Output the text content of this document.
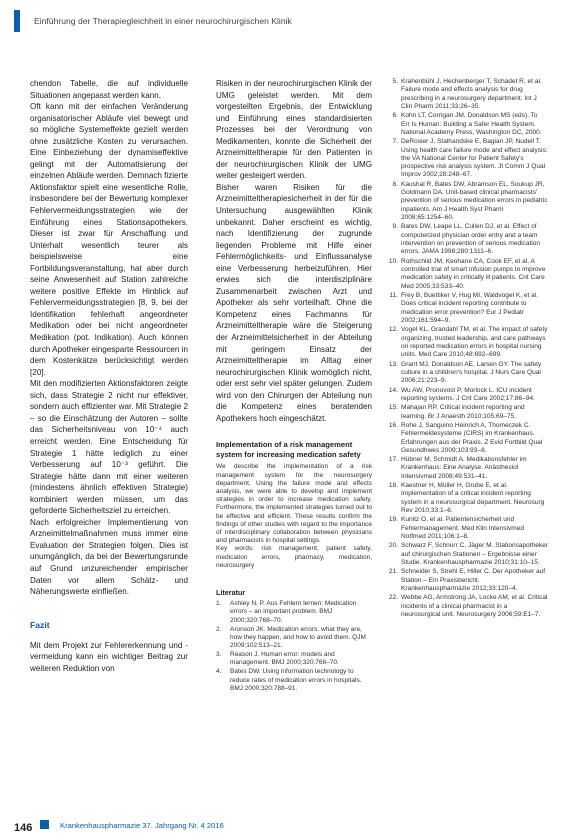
Einführung der Therapiegleichheit in einer neurochirurgischen Klinik

chendon Tabelle, die auf individuelle Situationen angepasst werden kann.

Oft kann mit der einfachen Veränderung organisatorischer Abläufe viel bewegt und so mögliche Systemeffekte gezielt werden ohne zusätzliche Kosten zu verursachen. Eine Einbeziehung der dynamiseffektive gelingt mit der Automatisierung der einzelnen Abläufe werden. Demnach fizierte Aktionsfaktor spielt eine wesentliche Rolle, insbesondere bei der Bewertung komplexer Fehlervermeidungsstrategien wie der Einführung eines Stationsapothekers. Dieser ist zwar für Anschaffung und Unterhalt wesentlich teurer als beispielsweise eine Fortbildungsveranstaltung, hat aber durch seine Anwesenheit auf Station zahlreiche weitere positive Effekte im Hinblick auf Fehlervermeidungsstrategien [8, 9, bei der Identifikation fehlerhaft angeordneter Medikation oder bei nicht angeordneter Medikation (pot. Indikation). Auch können durch Apotheker eingesparte Ressourcen in dem Kostenkätze berücksichtigt werden [20].

Mit den modifizierten Aktionsfaktoren zeigte sich, dass Strategie 2 nicht nur effektiver, sondern auch effizienter war. Mit Strategie 2 – so die Einschätzung der Autoren – sollte das Sicherheitsniveau von 10⁻⁴ auch erreicht werden. Eine Entscheidung für Strategie 1 hätte lediglich zu einer Verbesserung auf 10⁻³ geführt. Die Strategie hätte dann mit einer weiteren (mindestens ähnlich effektiven Strategie) kombiniert werden müssen, um das geforderte Sicherheitsziel zu erreichen.

Nach erfolgreicher Implementierung von Arzneimittelmaßnahmen muss immer eine Evaluation der Strategien folgen. Dies ist unumgänglich, da bei der Bewertungsrunde auf Grund unzureichender empirischer Daten vor allem Schätz- und Näherungswerte einfließen.

Fazit

Mit dem Projekt zur Fehlererkennung und -vermeidung kann ein wichtiger Beitrag zur weiteren Reduktion von

Risiken in der neurochirurgischen Klinik der UMG geleistet werden. Mit dem vorgestellten Ergebnis, der Entwicklung und Einführung eines standardisierten Prozesses bei der Verordnung von Medikamenten, konnte die Sicherheit der Arzneimitteltherapie für den Patienten in der neurochirurgischen Klinik der UMG weiter gesteigert werden.

Bisher waren Risiken für die Arzneimitteltherapiesicherheit in der für die Untersuchung ausgewählten Klinik unbekannt. Daher erscheint es wichtig, nach Identifizierung der zugrunde liegenden Probleme mit Hilfe einer Fehlermöglichkeits- und Einflussanalyse eine Verbesserung herbeizuführen. Hier erwies sich die interdisziplinäre Zusammenarbeit zwischen Arzt und Apotheker als sehr vorteilhaft. Ohne die Kompetenz eines Fachmanns für Arzneimitteltherapie wäre die Steigerung der Arzneimittelsicherheit in der Abteilung mit geringem Einsatz der Arzneimitteltherapie im Alltag einer neurochirurgischen Klinik womöglich nicht, oder erst sehr viel später gelungen. Zudem wird von den Chirurgen der Abteilung nun die Kompetenz eines beratenden Apothekers hoch eingeschätzt.

Implementation of a risk management system for increasing medication safety

We describe the implementation of a risk management system for the neurosurgery department. Using the failure mode and effects analysis, we were able to develop and implement strategies in order to increase medication safety. Furthermore, the implemented strategies turned out to be effective and efficient. These results confirm the findings of other studies with regard to the importance of interdisciplinary collaboration between physicians and pharmacists in hospital settings.

Key words: risk management, patient safety, medication errors, pharmacy, medication, neurosurgery

Literatur
1.	Ashley N. P. Aus Fehlern lernen: Medication errors – an important problem. BMJ 2000;320:768–70.
2.	Aronson JK. Medication errors: what they are, how they happen, and how to avoid them. QJM 2009;102:513–21.
3.	Reason J. Human error: models and management. BMJ 2000;320:768–70.
4.	Bates DW. Using information technology to reduce rates of medication errors in hospitals. BMJ 2000;320:788–91.
5. Krahenbühl J, Hechenberger T, Schadet R, et al. Failure mode and effects analysis for drug prescribing in a neurosurgery department. Int J Clin Pharm 2011;33:26–35.
6. Kohn LT, Corrigan JM, Donaldson MS (eds). To Err Is Human: Building a Safer Health System. National Academy Press, Washington DC, 2000.
7. DeRosier J, Stalhandske E, Bagian JP, Nudell T. Using health care failure mode and effect analysis: the VA National Center for Patient Safety's prospective risk analysis system. Jt Comm J Qual Improv 2002;28:248–67.
8. Kaushal R, Bates DW, Abramson EL, Soukup JR, Goldmann DA. Unit-based clinical pharmacists' prevention of serious medication errors in pediatric inpatients. Am J Health Syst Pharm 2008;65:1254–60.
9. Bates DW, Leape LL, Cullen DJ, et al. Effect of computerized physician order entry and a team intervention on prevention of serious medication errors. JAMA 1998;280:1311–6.
10. Rothschild JM, Keohane CA, Cook EF, et al. A controlled trial of smart infusion pumps to improve medication safety in critically ill patients. Crit Care Med 2005;33:533–40.
11. Frey B, Buettiker V, Hug MI, Waldvogel K, et al. Does critical incident reporting contribute to medication error prevention? Eur J Pediatr 2002;161:594–9.
12. Vogel KL, Grandahl TM, et al. The impact of safety organizing, trusted leadership, and care pathways on reported medication errors in hospital nursing units. Med Care 2010;48:692–699.
13. Grant MJ, Donaldson AE, Larsen GY. The safety culture in a children's hospital. J Nurs Care Qual 2006;21:223–9.
14. Wu AW, Pronovost P, Morlock L. ICU incident reporting systems. J Crit Care 2002;17:86–94.
15. Mahajan RP. Critical incident reporting and learning. Br J Anaesth 2010;105:69–75.
16. Rohe J, Sanguino Heinrich A, Thomeczek C. Fehlermeldesysteme (CIRS) im Krankenhaus. Erfahrungen aus der Praxis. Z Evid Fortbild Qual Gesundhwes 2009;103:93–8.
17. Hübner M, Schmidt A. Medikationsfehler im Krankenhaus: Eine Analyse. Anästhesiol Intensivmed 2008;49:531–41.
18. Kaestner H, Müller H, Grube E, et al. Implementation of a critical incident reporting system in a neurosurgical department. Neurosurg Rev 2010;33:1–6.
19. Kunitz O, et al. Patientensicherheit und Fehlermanagement. Med Klin Intensivmed Notfmed 2011;106:1–8.
20. Schwarz F, Schnurr C, Jäger M. Stationsapotheker auf chirurgischen Stationen – Ergebnisse einer Studie. Krankenhauspharmazie 2010;31:10–15.
21. Schneider S, Strehl E, Hiller C. Der Apotheker auf Station – Ein Praxisbericht. Krankenhauspharmazie 2012;33:120–4.
22. Webbe AG, Armstrong JA, Locke AM, et al. Critical incidents of a clinical pharmacist in a neurosurgical unit. Neurosurgery 2006;59:E1–7.
146	Krankenhauspharmazie 37. Jahrgang Nr. 4 2016
